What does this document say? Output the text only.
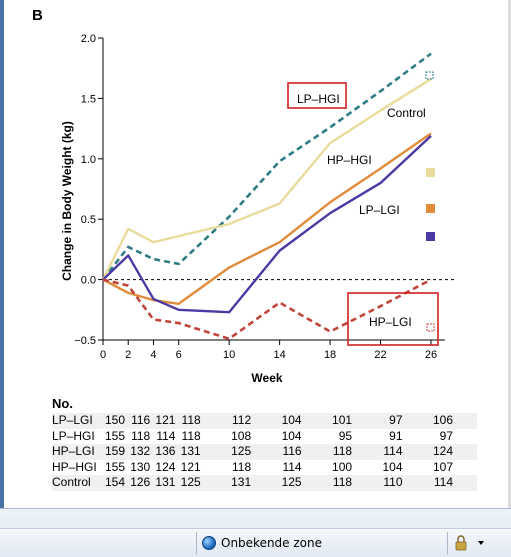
B
−0.5
0.0
0.5
1.0
1.5
2.0
0 2 4 6	10	14	18	22	26
Week
Change in Body Weight (kg)
LP–HGI
Control
HP–HGI
LP–LGI
HP–LGI
No.
LP–LGI	150 116 121 118	112	104	101	97	106
LP–HGI 155 118 114 118	108	104	95	91	97
HP–LGI 159 132 136 131	125	116	118	114	124
HP–HGI 155 130 124 121	118	114	100	104	107
Control	154 126 131 125	131	125	118	110	114
Onbekende zone
